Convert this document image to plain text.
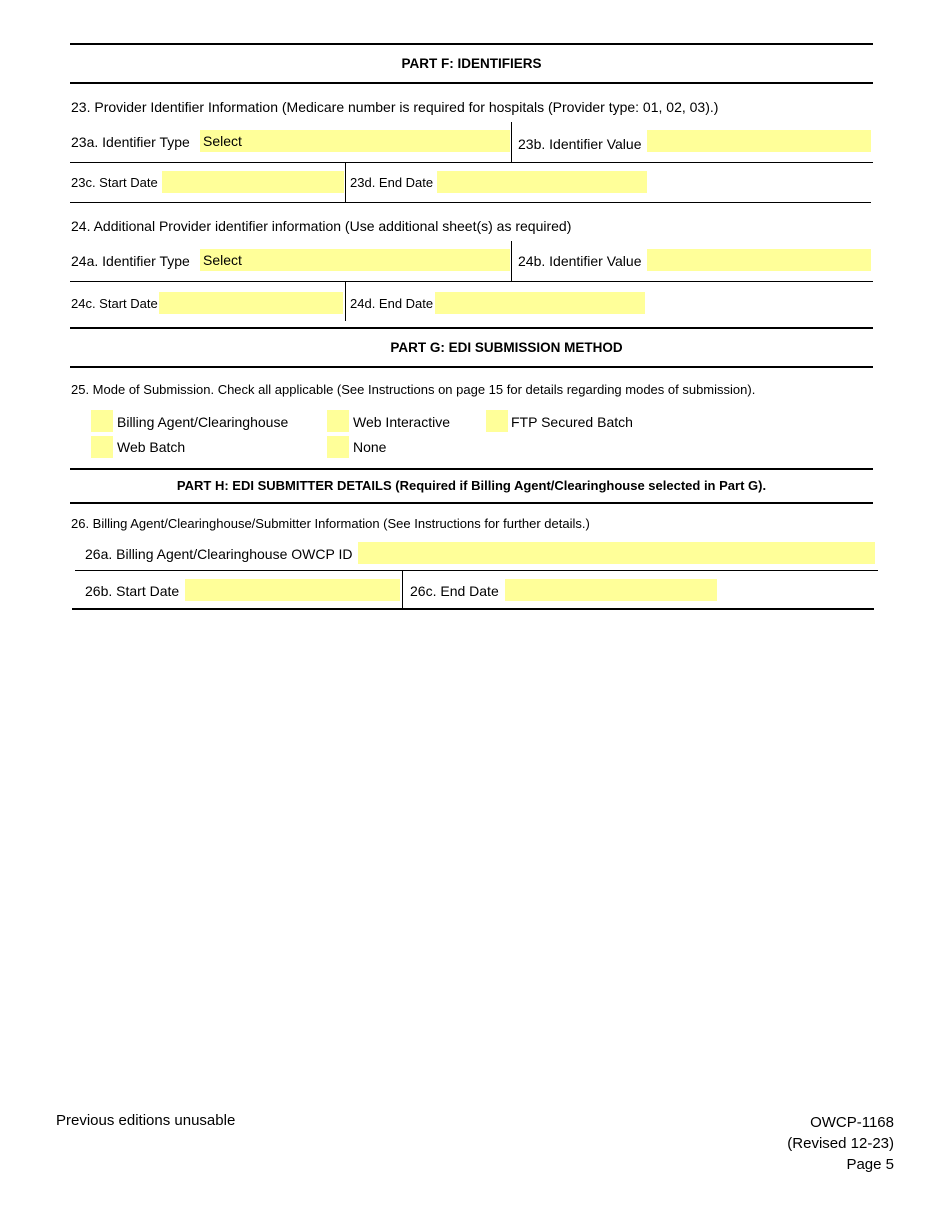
PART F: IDENTIFIERS
23. Provider Identifier Information (Medicare number is required for hospitals (Provider type: 01, 02, 03).)
23a. Identifier Type Select	23b. Identifier Value
23c. Start Date	23d. End Date
24. Additional Provider identifier information (Use additional sheet(s) as required)
24a. Identifier Type Select	24b. Identifier Value
24c. Start Date	24d. End Date
PART G: EDI SUBMISSION METHOD
25. Mode of Submission. Check all applicable (See Instructions on page 15 for details regarding modes of submission).
Billing Agent/Clearinghouse	Web Interactive	FTP Secured Batch
Web Batch	None
PART H: EDI SUBMITTER DETAILS (Required if Billing Agent/Clearinghouse selected in Part G).
26. Billing Agent/Clearinghouse/Submitter Information (See Instructions for further details.)
26a. Billing Agent/Clearinghouse OWCP ID
26b. Start Date	26c. End Date
Previous editions unusable	OWCP-1168
(Revised 12-23)
Page 5
